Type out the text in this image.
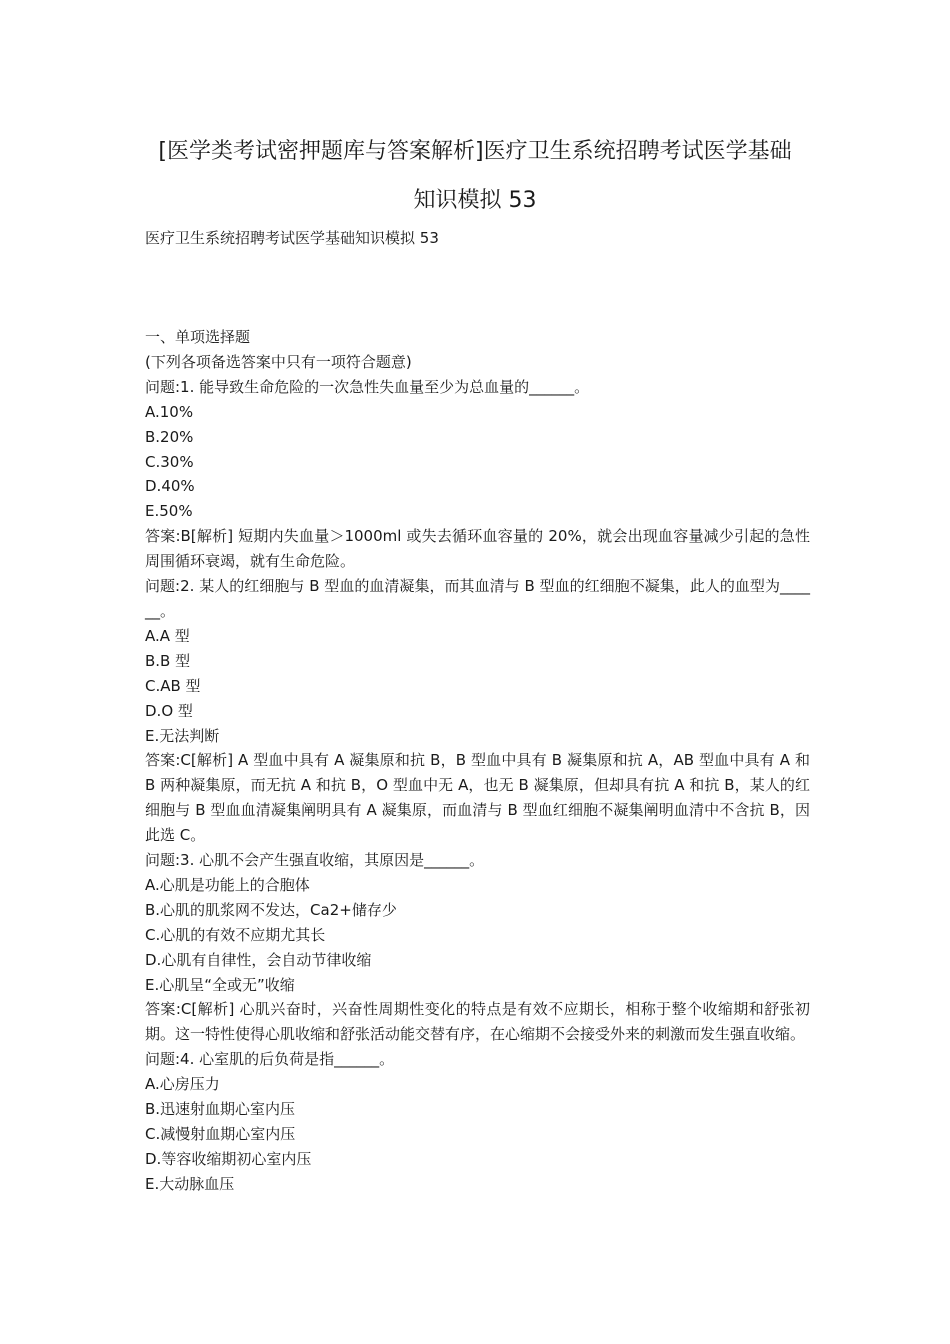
[医学类考试密押题库与答案解析]医疗卫生系统招聘考试医学基础
知识模拟 53
医疗卫生系统招聘考试医学基础知识模拟 53
一、单项选择题
(下列各项备选答案中只有一项符合题意)
问题:1. 能导致生命危险的一次急性失血量至少为总血量的______。
A.10%
B.20%
C.30%
D.40%
E.50%
答案:B[解析] 短期内失血量＞1000ml 或失去循环血容量的 20%，就会出现血容量减少引起的急性周围循环衰竭，就有生命危险。
问题:2. 某人的红细胞与 B 型血的血清凝集，而其血清与 B 型血的红细胞不凝集，此人的血型为______。
A.A 型
B.B 型
C.AB 型
D.O 型
E.无法判断
答案:C[解析] A 型血中具有 A 凝集原和抗 B，B 型血中具有 B 凝集原和抗 A，AB 型血中具有 A 和 B 两种凝集原，而无抗 A 和抗 B，O 型血中无 A，也无 B 凝集原，但却具有抗 A 和抗 B，某人的红细胞与 B 型血血清凝集阐明具有 A 凝集原，而血清与 B 型血红细胞不凝集阐明血清中不含抗 B，因此选 C。
问题:3. 心肌不会产生强直收缩，其原因是______。
A.心肌是功能上的合胞体
B.心肌的肌浆网不发达，Ca2+储存少
C.心肌的有效不应期尤其长
D.心肌有自律性，会自动节律收缩
E.心肌呈“全或无”收缩
答案:C[解析] 心肌兴奋时，兴奋性周期性变化的特点是有效不应期长，相称于整个收缩期和舒张初期。这一特性使得心肌收缩和舒张活动能交替有序，在心缩期不会接受外来的刺激而发生强直收缩。
问题:4. 心室肌的后负荷是指______。
A.心房压力
B.迅速射血期心室内压
C.减慢射血期心室内压
D.等容收缩期初心室内压
E.大动脉血压
